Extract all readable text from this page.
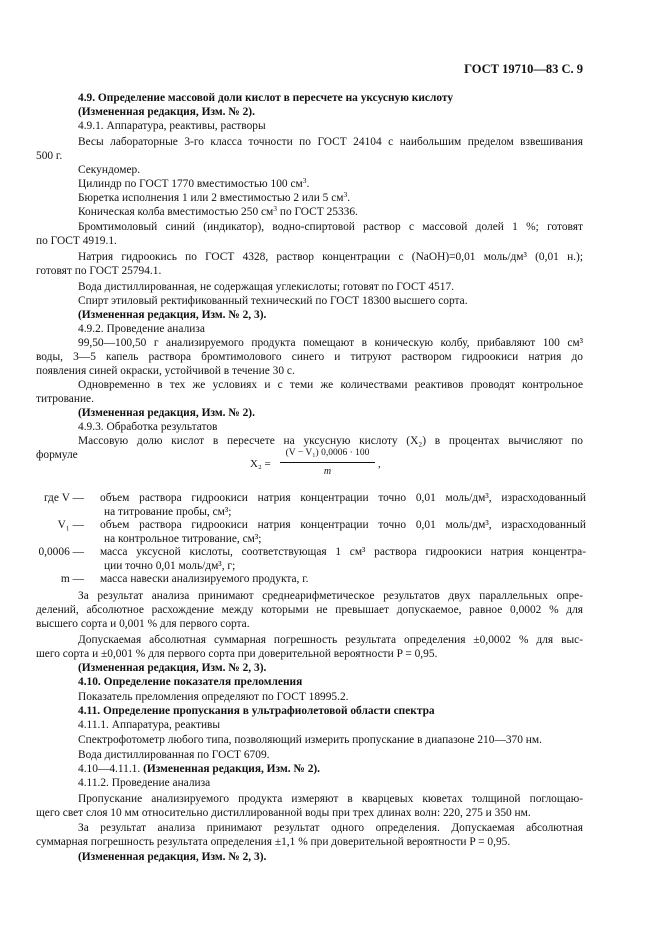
ГОСТ 19710—83 С. 9
4.9. Определение массовой доли кислот в пересчете на уксусную кислоту
(Измененная редакция, Изм. № 2).
4.9.1. Аппаратура, реактивы, растворы
Весы лабораторные 3-го класса точности по ГОСТ 24104 с наибольшим пределом взвешивания
500 г.
Секундомер.
Цилиндр по ГОСТ 1770 вместимостью 100 $см^3$.
Бюретка исполнения 1 или 2 вместимостью 2 или 5 $см^3$.
Коническая колба вместимостью 250 $см^3$ по ГОСТ 25336.
Бромтимоловый синий (индикатор), водно-спиртовой раствор с массовой долей 1 %; готовят
по ГОСТ 4919.1.
Натрия гидроокись по ГОСТ 4328, раствор концентрации c (NaOH)=0,01 моль/дм³ (0,01 н.);
готовят по ГОСТ 25794.1.
Вода дистиллированная, не содержащая углекислоты; готовят по ГОСТ 4517.
Спирт этиловый ректификованный технический по ГОСТ 18300 высшего сорта.
(Измененная редакция, Изм. № 2, 3).
4.9.2. Проведение анализа
99,50—100,50 г анализируемого продукта помещают в коническую колбу, прибавляют 100 см³
воды, 3—5 капель раствора бромтимолового синего и титруют раствором гидроокиси натрия до
появления синей окраски, устойчивой в течение 30 с.
Одновременно в тех же условиях и с теми же количествами реактивов проводят контрольное
титрование.
(Измененная редакция, Изм. № 2).
4.9.3. Обработка результатов
Массовую долю кислот в пересчете на уксусную кислоту (X₂) в процентах вычисляют по
формуле
X₂ =
(V − V₁) 0,0006 · 100
m
,
где V — объем раствора гидроокиси натрия концентрации точно 0,01 моль/дм³, израсходованный
на титрование пробы, см³;
V₁ — объем раствора гидроокиси натрия концентрации точно 0,01 моль/дм³, израсходованный
на контрольное титрование, см³;
0,0006 — масса уксусной кислоты, соответствующая 1 см³ раствора гидроокиси натрия концентра-
ции точно 0,01 моль/дм³, г;
m — масса навески анализируемого продукта, г.
За результат анализа принимают среднеарифметическое результатов двух параллельных опре-
делений, абсолютное расхождение между которыми не превышает допускаемое, равное 0,0002 % для
высшего сорта и 0,001 % для первого сорта.
Допускаемая абсолютная суммарная погрешность результата определения ±0,0002 % для выс-
шего сорта и ±0,001 % для первого сорта при доверительной вероятности P = 0,95.
(Измененная редакция, Изм. № 2, 3).
4.10. Определение показателя преломления
Показатель преломления определяют по ГОСТ 18995.2.
4.11. Определение пропускания в ультрафиолетовой области спектра
4.11.1. Аппаратура, реактивы
Спектрофотометр любого типа, позволяющий измерить пропускание в диапазоне 210—370 нм.
Вода дистиллированная по ГОСТ 6709.
4.10—4.11.1. (Измененная редакция, Изм. № 2).
4.11.2. Проведение анализа
Пропускание анализируемого продукта измеряют в кварцевых кюветах толщиной поглощаю-
щего свет слоя 10 мм относительно дистиллированной воды при трех длинах волн: 220, 275 и 350 нм.
За результат анализа принимают результат одного определения. Допускаемая абсолютная
суммарная погрешность результата определения ±1,1 % при доверительной вероятности P = 0,95.
(Измененная редакция, Изм. № 2, 3).
